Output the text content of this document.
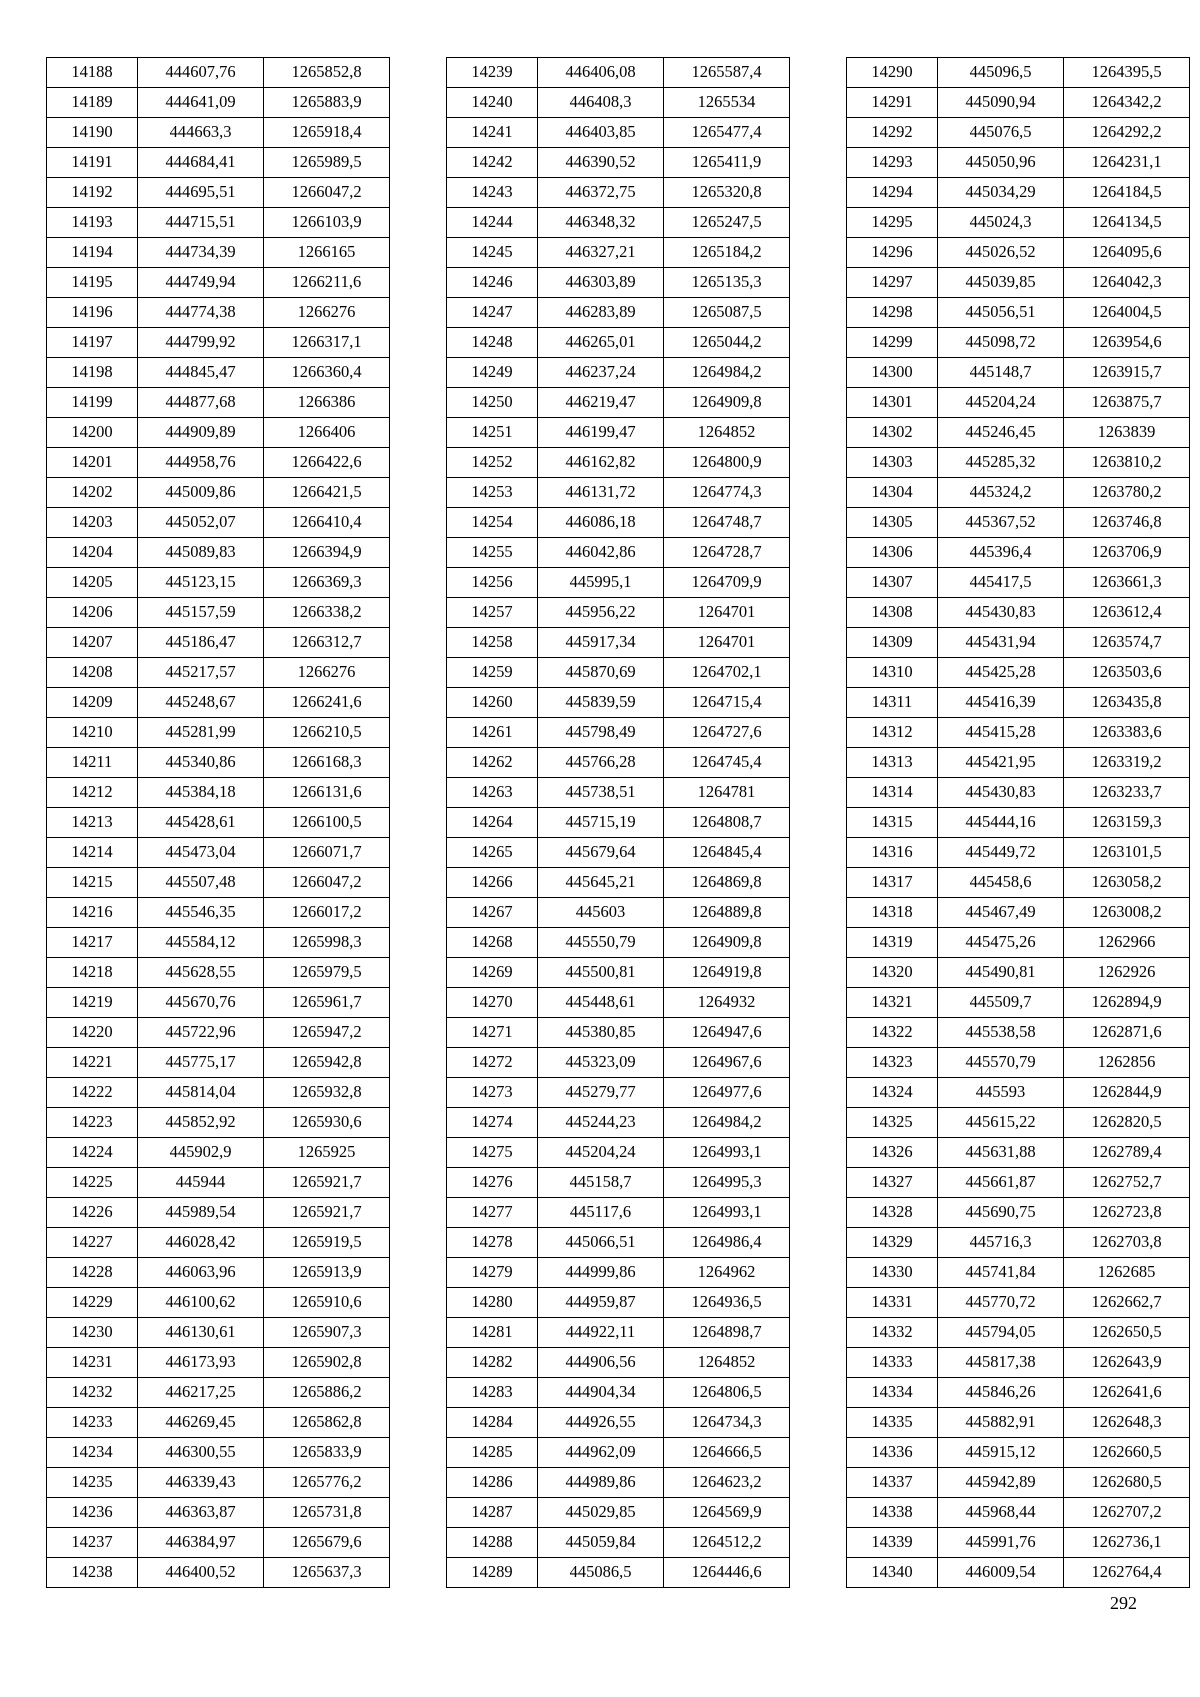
14188	444607,76	1265852,8
14189	444641,09	1265883,9
14190	444663,3	1265918,4
14191	444684,41	1265989,5
14192	444695,51	1266047,2
14193	444715,51	1266103,9
14194	444734,39	1266165
14195	444749,94	1266211,6
14196	444774,38	1266276
14197	444799,92	1266317,1
14198	444845,47	1266360,4
14199	444877,68	1266386
14200	444909,89	1266406
14201	444958,76	1266422,6
14202	445009,86	1266421,5
14203	445052,07	1266410,4
14204	445089,83	1266394,9
14205	445123,15	1266369,3
14206	445157,59	1266338,2
14207	445186,47	1266312,7
14208	445217,57	1266276
14209	445248,67	1266241,6
14210	445281,99	1266210,5
14211	445340,86	1266168,3
14212	445384,18	1266131,6
14213	445428,61	1266100,5
14214	445473,04	1266071,7
14215	445507,48	1266047,2
14216	445546,35	1266017,2
14217	445584,12	1265998,3
14218	445628,55	1265979,5
14219	445670,76	1265961,7
14220	445722,96	1265947,2
14221	445775,17	1265942,8
14222	445814,04	1265932,8
14223	445852,92	1265930,6
14224	445902,9	1265925
14225	445944	1265921,7
14226	445989,54	1265921,7
14227	446028,42	1265919,5
14228	446063,96	1265913,9
14229	446100,62	1265910,6
14230	446130,61	1265907,3
14231	446173,93	1265902,8
14232	446217,25	1265886,2
14233	446269,45	1265862,8
14234	446300,55	1265833,9
14235	446339,43	1265776,2
14236	446363,87	1265731,8
14237	446384,97	1265679,6
14238	446400,52	1265637,3
14239	446406,08	1265587,4
14240	446408,3	1265534
14241	446403,85	1265477,4
14242	446390,52	1265411,9
14243	446372,75	1265320,8
14244	446348,32	1265247,5
14245	446327,21	1265184,2
14246	446303,89	1265135,3
14247	446283,89	1265087,5
14248	446265,01	1265044,2
14249	446237,24	1264984,2
14250	446219,47	1264909,8
14251	446199,47	1264852
14252	446162,82	1264800,9
14253	446131,72	1264774,3
14254	446086,18	1264748,7
14255	446042,86	1264728,7
14256	445995,1	1264709,9
14257	445956,22	1264701
14258	445917,34	1264701
14259	445870,69	1264702,1
14260	445839,59	1264715,4
14261	445798,49	1264727,6
14262	445766,28	1264745,4
14263	445738,51	1264781
14264	445715,19	1264808,7
14265	445679,64	1264845,4
14266	445645,21	1264869,8
14267	445603	1264889,8
14268	445550,79	1264909,8
14269	445500,81	1264919,8
14270	445448,61	1264932
14271	445380,85	1264947,6
14272	445323,09	1264967,6
14273	445279,77	1264977,6
14274	445244,23	1264984,2
14275	445204,24	1264993,1
14276	445158,7	1264995,3
14277	445117,6	1264993,1
14278	445066,51	1264986,4
14279	444999,86	1264962
14280	444959,87	1264936,5
14281	444922,11	1264898,7
14282	444906,56	1264852
14283	444904,34	1264806,5
14284	444926,55	1264734,3
14285	444962,09	1264666,5
14286	444989,86	1264623,2
14287	445029,85	1264569,9
14288	445059,84	1264512,2
14289	445086,5	1264446,6
14290	445096,5	1264395,5
14291	445090,94	1264342,2
14292	445076,5	1264292,2
14293	445050,96	1264231,1
14294	445034,29	1264184,5
14295	445024,3	1264134,5
14296	445026,52	1264095,6
14297	445039,85	1264042,3
14298	445056,51	1264004,5
14299	445098,72	1263954,6
14300	445148,7	1263915,7
14301	445204,24	1263875,7
14302	445246,45	1263839
14303	445285,32	1263810,2
14304	445324,2	1263780,2
14305	445367,52	1263746,8
14306	445396,4	1263706,9
14307	445417,5	1263661,3
14308	445430,83	1263612,4
14309	445431,94	1263574,7
14310	445425,28	1263503,6
14311	445416,39	1263435,8
14312	445415,28	1263383,6
14313	445421,95	1263319,2
14314	445430,83	1263233,7
14315	445444,16	1263159,3
14316	445449,72	1263101,5
14317	445458,6	1263058,2
14318	445467,49	1263008,2
14319	445475,26	1262966
14320	445490,81	1262926
14321	445509,7	1262894,9
14322	445538,58	1262871,6
14323	445570,79	1262856
14324	445593	1262844,9
14325	445615,22	1262820,5
14326	445631,88	1262789,4
14327	445661,87	1262752,7
14328	445690,75	1262723,8
14329	445716,3	1262703,8
14330	445741,84	1262685
14331	445770,72	1262662,7
14332	445794,05	1262650,5
14333	445817,38	1262643,9
14334	445846,26	1262641,6
14335	445882,91	1262648,3
14336	445915,12	1262660,5
14337	445942,89	1262680,5
14338	445968,44	1262707,2
14339	445991,76	1262736,1
14340	446009,54	1262764,4
292
